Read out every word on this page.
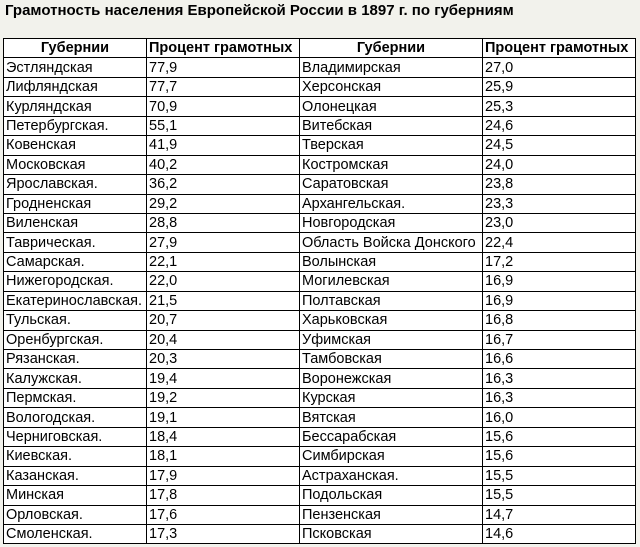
Грамотность населения Европейской России в 1897 г. по губерниям
Губернии	Процент грамотных	Губернии	Процент грамотных
Эстляндская	77,9	Владимирская	27,0
Лифляндская	77,7	Херсонская	25,9
Курляндская	70,9	Олонецкая	25,3
Петербургская.	55,1	Витебская	24,6
Ковенская	41,9	Тверская	24,5
Московская	40,2	Костромская	24,0
Ярославская.	36,2	Саратовская	23,8
Гродненская	29,2	Архангельская.	23,3
Виленская	28,8	Новгородская	23,0
Таврическая.	27,9	Область Войска Донского	22,4
Самарская.	22,1	Волынская	17,2
Нижегородская.	22,0	Могилевская	16,9
Екатеринославская.	21,5	Полтавская	16,9
Тульская.	20,7	Харьковская	16,8
Оренбургская.	20,4	Уфимская	16,7
Рязанская.	20,3	Тамбовская	16,6
Калужская.	19,4	Воронежская	16,3
Пермская.	19,2	Курская	16,3
Вологодская.	19,1	Вятская	16,0
Черниговская.	18,4	Бессарабская	15,6
Киевская.	18,1	Симбирская	15,6
Казанская.	17,9	Астраханская.	15,5
Минская	17,8	Подольская	15,5
Орловская.	17,6	Пензенская	14,7
Смоленская.	17,3	Псковская	14,6
